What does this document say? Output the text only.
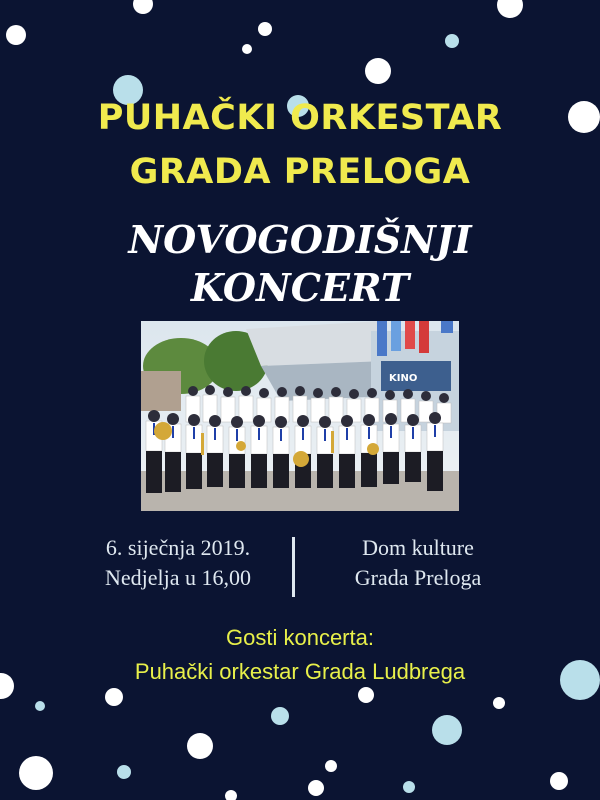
PUHAČKI ORKESTAR
GRADA PRELOGA
NOVOGODIŠNJI
KONCERT
KINO
6. siječnja 2019.
Nedjelja u 16,00
Dom kulture
Grada Preloga
Gosti koncerta:
Puhački orkestar Grada Ludbrega
